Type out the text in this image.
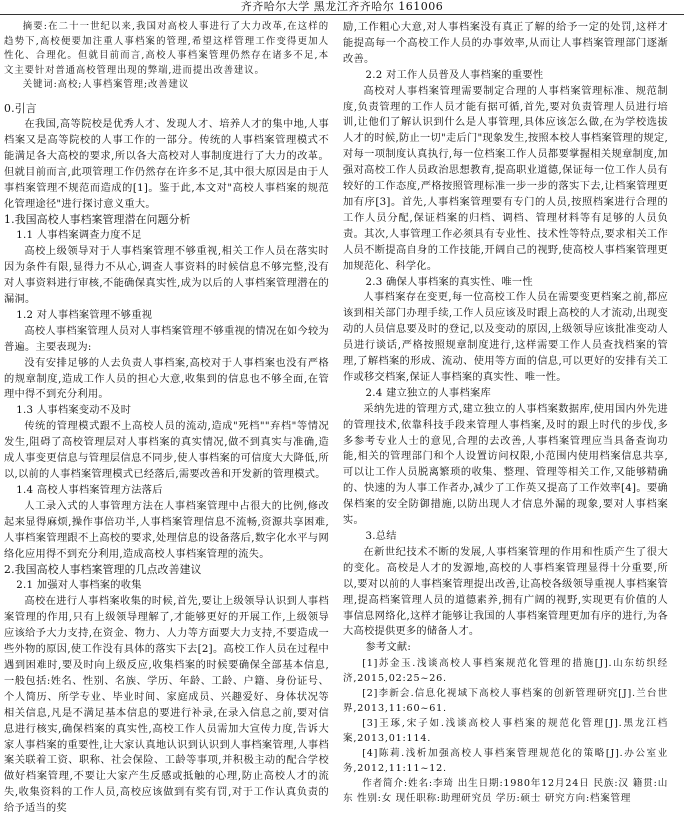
齐齐哈尔大学 黑龙江齐齐哈尔 161006

摘要:在二十一世纪以来,我国对高校人事进行了大力改革,在这样的趋势下,高校便要加注重人事档案的管理,希望这样管理工作变得更加人性化、合理化。但就目前而言,高校人事档案管理仍然存在诸多不足,本文主要针对普通高校管理出现的弊端,进而提出改善建议。

关键词:高校;人事档案管理;改善建议

0.引言

在我国,高等院校是优秀人才、发现人才、培养人才的集中地,人事档案又是高等院校的人事工作的一部分。传统的人事档案管理模式不能满足各大高校的要求,所以各大高校对人事制度进行了大力的改革。但就目前而言,此项管理工作仍然存在许多不足,其中很大原因是由于人事档案管理不规范而造成的[1]。鉴于此,本文对"高校人事档案的规范化管理途径"进行探讨意义重大。

1.我国高校人事档案管理潜在问题分析
1.1 人事档案调查力度不足

高校上级领导对于人事档案管理不够重视,相关工作人员在落实时因为条件有限,显得力不从心,调查人事资料的时候信息不够完整,没有对人事资料进行审核,不能确保真实性,成为以后的人事档案管理潜在的漏洞。

1.2 对人事档案管理不够重视

高校人事档案管理人员对人事档案管理不够重视的情况在如今较为普遍。主要表现为:

没有安排足够的人去负责人事档案,高校对于人事档案也没有严格的规章制度,造成工作人员的担心大意,收集到的信息也不够全面,在管理中得不到充分利用。

1.3 人事档案变动不及时

传统的管理模式跟不上高校人员的流动,造成"死档""弃档"等情况发生,阻碍了高校管理层对人事档案的真实情况,做不到真实与准确,造成人事变更信息与管理层信息不同步,使人事档案的可信度大大降低,所以,以前的人事档案管理模式已经落后,需要改善和开发新的管理模式。

1.4 高校人事档案管理方法落后

人工录入式的人事管理方法在人事档案管理中占很大的比例,修改起来显得麻烦,操作事倍功半,人事档案管理信息不流畅,资源共享困难,人事档案管理跟不上高校的要求,处理信息的设备落后,数字化水平与网络化应用得不到充分利用,造成高校人事档案管理的流失。

2.我国高校人事档案管理的几点改善建议
2.1 加强对人事档案的收集

高校在进行人事档案收集的时候,首先,要让上级领导认识到人事档案管理的作用,只有上级领导理解了,才能够更好的开展工作,上级领导应该给予大力支持,在资金、物力、人力等方面要大力支持,不要造成一些外物的原因,使工作没有具体的落实下去[2]。高校工作人员在过程中遇到困难时,要及时向上级反应,收集档案的时候要确保全部基本信息,一般包括:姓名、性别、名族、学历、年龄、工龄、户籍、身份证号、个人简历、所学专业、毕业时间、家庭成员、兴趣爱好、身体状况等相关信息,凡是不满足基本信息的要进行补录,在录入信息之前,要对信息进行核实,确保档案的真实性,高校工作人员需加大宣传力度,告诉大家人事档案的重要性,让大家认真地认识到认识到人事档案管理,人事档案关联着工资、职称、社会保险、工龄等事项,并积极主动的配合学校做好档案管理,不要让大家产生反感或抵触的心理,防止高校人才的流失,收集资料的工作人员,高校应该做到有奖有罚,对于工作认真负责的给予适当的奖

励,工作粗心大意,对人事档案没有真正了解的给予一定的处罚,这样才能提高每一个高校工作人员的办事效率,从而让人事档案管理部门逐渐改善。

2.2 对工作人员普及人事档案的重要性

高校对人事档案管理需要制定合理的人事档案管理标准、规范制度,负责管理的工作人员才能有据可循,首先,要对负责管理人员进行培训,让他们了解认识到什么是人事管理,具体应该怎么做,在为学校选拔人才的时候,防止一切"走后门"现象发生,按照本校人事档案管理的规定,对每一项制度认真执行,每一位档案工作人员都要掌握相关规章制度,加强对高校工作人员政治思想教育,提高职业道德,保证每一位工作人员有较好的工作态度,严格按照管理标准一步一步的落实下去,让档案管理更加有序[3]。首先,人事档案管理要有专门的人员,按照档案进行合理的工作人员分配,保证档案的归档、调档、管理材料等有足够的人员负责。其次,人事管理工作必须具有专业性、技术性等特点,要求相关工作人员不断提高自身的工作技能,开阔自己的视野,使高校人事档案管理更加规范化、科学化。

2.3 确保人事档案的真实性、唯一性

人事档案存在变更,每一位高校工作人员在需要变更档案之前,都应该到相关部门办理手续,工作人员应该及时跟上高校的人才流动,出现变动的人员信息要及时的登记,以及变动的原因,上级领导应该批准变动人员进行谈话,严格按照规章制度进行,这样需要工作人员查找档案的管理,了解档案的形成、流动、使用等方面的信息,可以更好的安排有关工作或移交档案,保证人事档案的真实性、唯一性。

2.4 建立独立的人事档案库

采纳先进的管理方式,建立独立的人事档案数据库,使用国内外先进的管理技术,依靠科技手段来管理人事档案,及时的跟上时代的步伐,多多参考专业人士的意见,合理的去改善,人事档案管理应当具备查询功能,相关的管理部门和个人设置访问权限,小范围内使用档案信息共享,可以让工作人员脱离繁琐的收集、整理、管理等相关工作,又能够精确的、快速的为人事工作者办,减少了工作英又提高了工作效率[4]。要确保档案的安全防御措施,以防出现人才信息外漏的现象,要对人事档案实。

3.总结

在新世纪技术不断的发展,人事档案管理的作用和性质产生了很大的变化。高校是人才的发源地,高校的人事档案管理显得十分重要,所以,要对以前的人事档案管理提出改善,让高校各级领导重视人事档案管理,提高档案管理人员的道德素养,拥有广阔的视野,实现更有价值的人事信息网络化,这样才能够让我国的人事档案管理更加有序的进行,为各大高校提供更多的储备人才。

参考文献:

[1]苏金玉.浅谈高校人事档案规范化管理的措施[J].山东纺织经济,2015,02:25~26.

[2]李新会.信息化视域下高校人事档案的创新管理研究[J].兰台世界,2013,11:60~61.

[3]王琢,宋子如.浅谈高校人事档案的规范化管理[J].黑龙江档案,2013,01:114.

[4]陈莉.浅析加强高校人事档案管理规范化的策略[J].办公室业务,2012,11:11~12.

作者简介:姓名:李琦 出生日期:1980年12月24日 民族:汉 籍贯:山东 性别:女 现任职称:助理研究员 学历:硕士 研究方向:档案管理
